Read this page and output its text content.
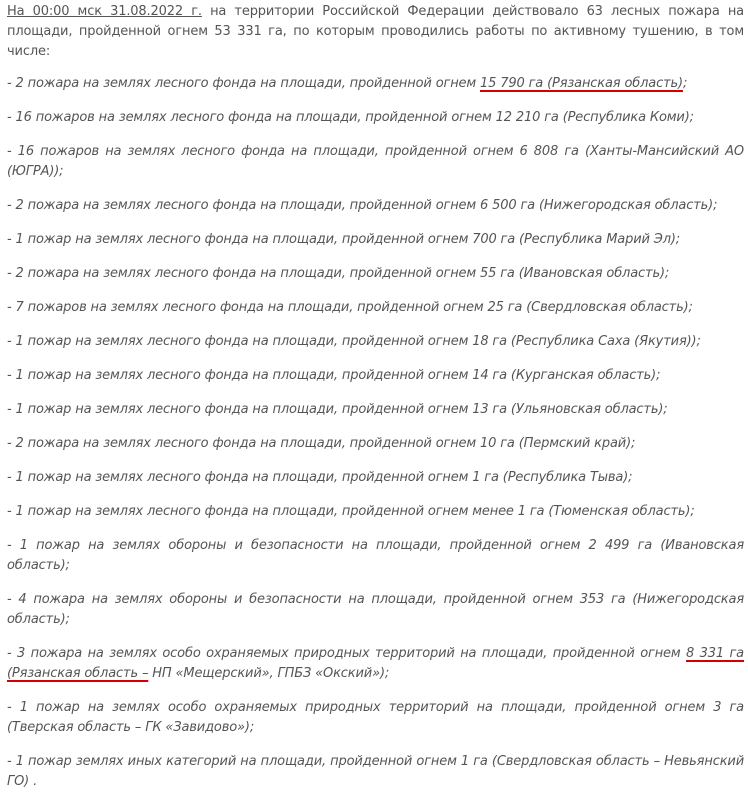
На 00:00 мск 31.08.2022 г. на территории Российской Федерации действовало 63 лесных пожара на площади, пройденной огнем 53 331 га, по которым проводились работы по активному тушению, в том числе:

- 2 пожара на землях лесного фонда на площади, пройденной огнем 15 790 га (Рязанская область);

- 16 пожаров на землях лесного фонда на площади, пройденной огнем 12 210 га (Республика Коми);

- 16 пожаров на землях лесного фонда на площади, пройденной огнем 6 808 га (Ханты-Мансийский АО (ЮГРА));

- 2 пожара на землях лесного фонда на площади, пройденной огнем 6 500 га (Нижегородская область);

- 1 пожар на землях лесного фонда на площади, пройденной огнем 700 га (Республика Марий Эл);

- 2 пожара на землях лесного фонда на площади, пройденной огнем 55 га (Ивановская область);

- 7 пожаров на землях лесного фонда на площади, пройденной огнем 25 га (Свердловская область);

- 1 пожар на землях лесного фонда на площади, пройденной огнем 18 га (Республика Саха (Якутия));

- 1 пожар на землях лесного фонда на площади, пройденной огнем 14 га (Курганская область);

- 1 пожар на землях лесного фонда на площади, пройденной огнем 13 га (Ульяновская область);

- 2 пожара на землях лесного фонда на площади, пройденной огнем 10 га (Пермский край);

- 1 пожар на землях лесного фонда на площади, пройденной огнем 1 га (Республика Тыва);

- 1 пожар на землях лесного фонда на площади, пройденной огнем менее 1 га (Тюменская область);

- 1 пожар на землях обороны и безопасности на площади, пройденной огнем 2 499 га (Ивановская область);

- 4 пожара на землях обороны и безопасности на площади, пройденной огнем 353 га (Нижегородская область);

- 3 пожара на землях особо охраняемых природных территорий на площади, пройденной огнем 8 331 га (Рязанская область – НП «Мещерский», ГПБЗ «Окский»);

- 1 пожар на землях особо охраняемых природных территорий на площади, пройденной огнем 3 га (Тверская область – ГК «Завидово»);

- 1 пожар землях иных категорий на площади, пройденной огнем 1 га (Свердловская область – Невьянский ГО) .
